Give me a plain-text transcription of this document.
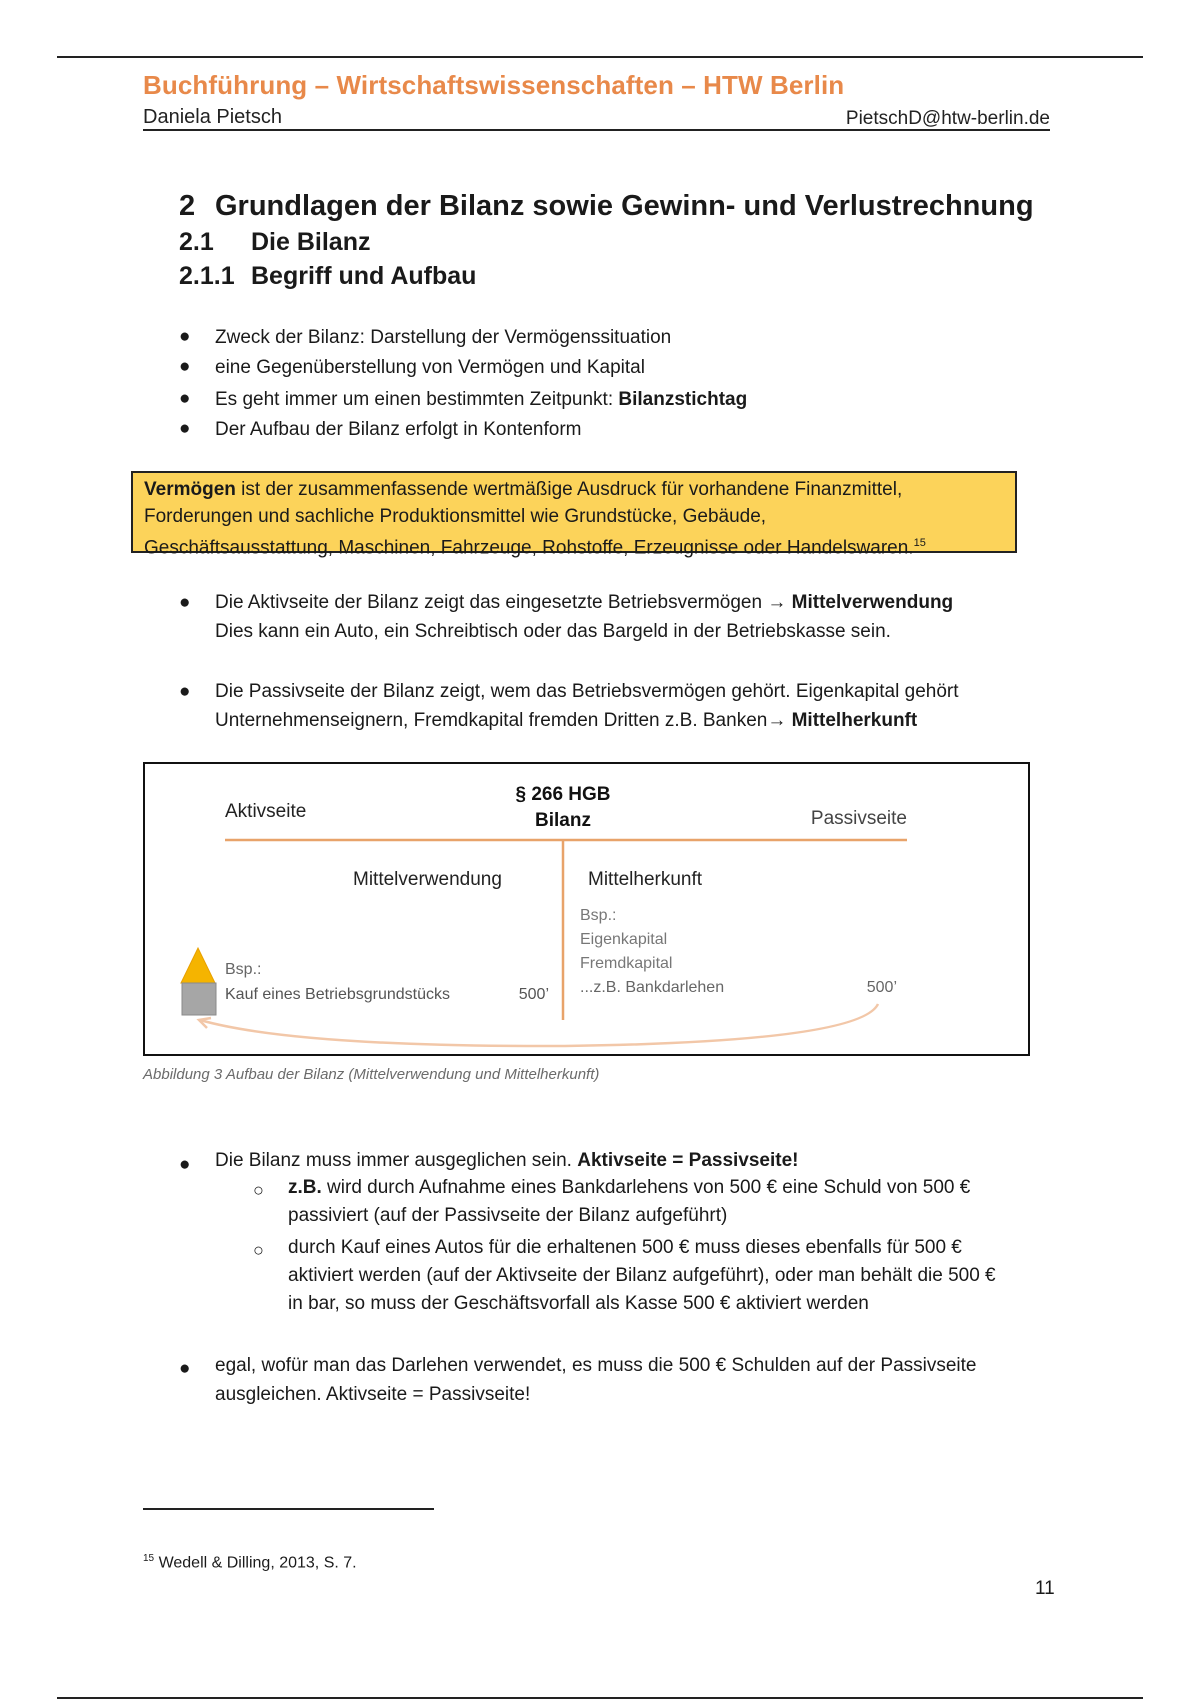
Buchführung – Wirtschaftswissenschaften – HTW Berlin
Daniela Pietsch	PietschD@htw-berlin.de
2 Grundlagen der Bilanz sowie Gewinn- und Verlustrechnung
2.1 Die Bilanz
2.1.1 Begriff und Aufbau
● Zweck der Bilanz: Darstellung der Vermögenssituation
● eine Gegenüberstellung von Vermögen und Kapital
● Es geht immer um einen bestimmten Zeitpunkt: Bilanzstichtag
● Der Aufbau der Bilanz erfolgt in Kontenform
Vermögen ist der zusammenfassende wertmäßige Ausdruck für vorhandene Finanzmittel,
Forderungen und sachliche Produktionsmittel wie Grundstücke, Gebäude,
Geschäftsausstattung, Maschinen, Fahrzeuge, Rohstoffe, Erzeugnisse oder Handelswaren.$^{15}$
● Die Aktivseite der Bilanz zeigt das eingesetzte Betriebsvermögen → Mittelverwendung
Dies kann ein Auto, ein Schreibtisch oder das Bargeld in der Betriebskasse sein.
● Die Passivseite der Bilanz zeigt, wem das Betriebsvermögen gehört. Eigenkapital gehört
Unternehmenseignern, Fremdkapital fremden Dritten z.B. Banken→ Mittelherkunft
Aktivseite
§ 266 HGB
Bilanz	Passivseite
Mittelverwendung	Mittelherkunft
Bsp.:
Kauf eines Betriebsgrundstücks	500’
Bsp.:
Eigenkapital
Fremdkapital
...z.B. Bankdarlehen	500’
Abbildung 3 Aufbau der Bilanz (Mittelverwendung und Mittelherkunft)
● Die Bilanz muss immer ausgeglichen sein. Aktivseite = Passivseite!
○ z.B. wird durch Aufnahme eines Bankdarlehens von 500 € eine Schuld von 500 €
passiviert (auf der Passivseite der Bilanz aufgeführt)
○ durch Kauf eines Autos für die erhaltenen 500 € muss dieses ebenfalls für 500 €
aktiviert werden (auf der Aktivseite der Bilanz aufgeführt), oder man behält die 500 €
in bar, so muss der Geschäftsvorfall als Kasse 500 € aktiviert werden
● egal, wofür man das Darlehen verwendet, es muss die 500 € Schulden auf der Passivseite
ausgleichen. Aktivseite = Passivseite!
$^{15}$ Wedell & Dilling, 2013, S. 7.
11
